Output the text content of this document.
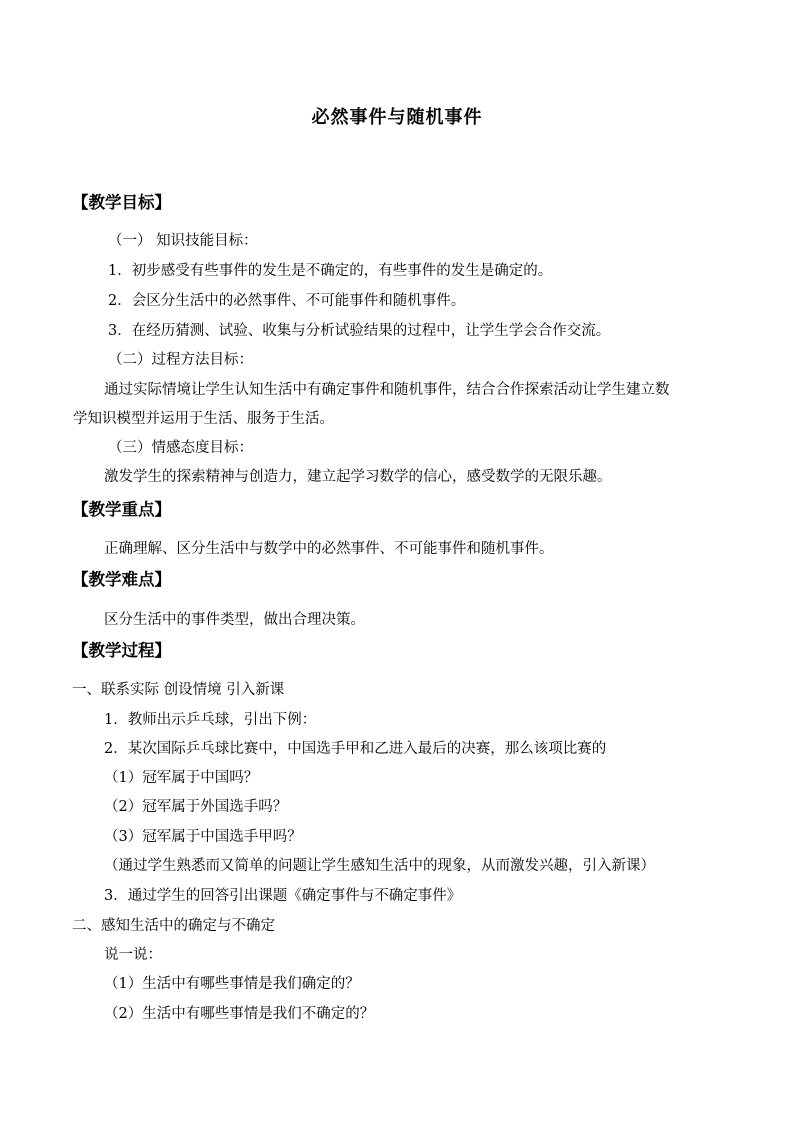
必然事件与随机事件
【教学目标】
（一） 知识技能目标：
1．初步感受有些事件的发生是不确定的，有些事件的发生是确定的。
2．会区分生活中的必然事件、不可能事件和随机事件。
3．在经历猜测、试验、收集与分析试验结果的过程中，让学生学会合作交流。
（二）过程方法目标：
通过实际情境让学生认知生活中有确定事件和随机事件，结合合作探索活动让学生建立数
学知识模型并运用于生活、服务于生活。
（三）情感态度目标：
激发学生的探索精神与创造力，建立起学习数学的信心，感受数学的无限乐趣。
【教学重点】
正确理解、区分生活中与数学中的必然事件、不可能事件和随机事件。
【教学难点】
区分生活中的事件类型，做出合理决策。
【教学过程】
一、联系实际 创设情境 引入新课
1．教师出示乒乓球，引出下例：
2．某次国际乒乓球比赛中，中国选手甲和乙进入最后的决赛，那么该项比赛的
（1）冠军属于中国吗？
（2）冠军属于外国选手吗？
（3）冠军属于中国选手甲吗？
（通过学生熟悉而又简单的问题让学生感知生活中的现象，从而激发兴趣，引入新课）
3．通过学生的回答引出课题《确定事件与不确定事件》
二、感知生活中的确定与不确定
说一说：
（1）生活中有哪些事情是我们确定的？
（2）生活中有哪些事情是我们不确定的？
